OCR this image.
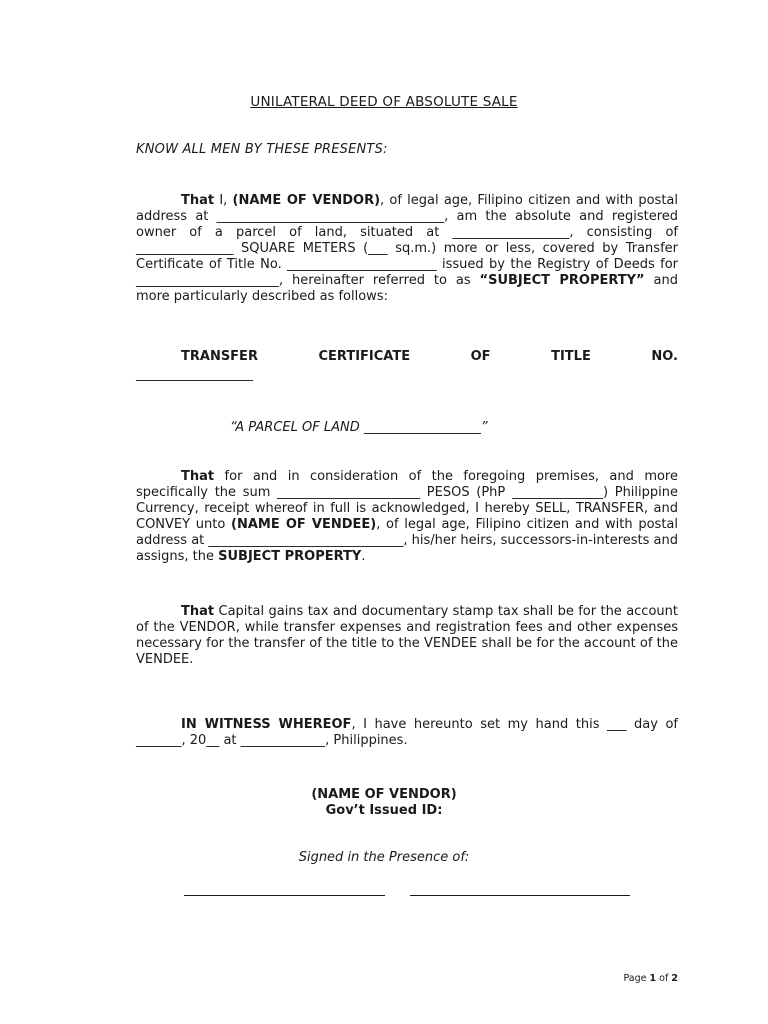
UNILATERAL DEED OF ABSOLUTE SALE
KNOW ALL MEN BY THESE PRESENTS:

That I, (NAME OF VENDOR), of legal age, Filipino citizen and with postal address at ___________________________________, am the absolute and registered owner of a parcel of land, situated at __________________, consisting of _______________ SQUARE METERS (___ sq.m.) more or less, covered by Transfer Certificate of Title No. _______________________ issued by the Registry of Deeds for ______________________, hereinafter referred to as “SUBJECT PROPERTY” and more particularly described as follows:

TRANSFER	CERTIFICATE	OF	TITLE	NO.
__________________
“A PARCEL OF LAND __________________”

That for and in consideration of the foregoing premises, and more specifically the sum ______________________ PESOS (PhP ______________) Philippine Currency, receipt whereof in full is acknowledged, I hereby SELL, TRANSFER, and CONVEY unto (NAME OF VENDEE), of legal age, Filipino citizen and with postal address at ______________________________, his/her heirs, successors-in-interests and assigns, the SUBJECT PROPERTY.

That Capital gains tax and documentary stamp tax shall be for the account of the VENDOR, while transfer expenses and registration fees and other expenses necessary for the transfer of the title to the VENDEE shall be for the account of the VENDEE.

IN WITNESS WHEREOF, I have hereunto set my hand this ___ day of _______, 20__ at _____________, Philippines.

(NAME OF VENDOR)
Gov’t Issued ID:
Signed in the Presence of:
Page 1 of 2
